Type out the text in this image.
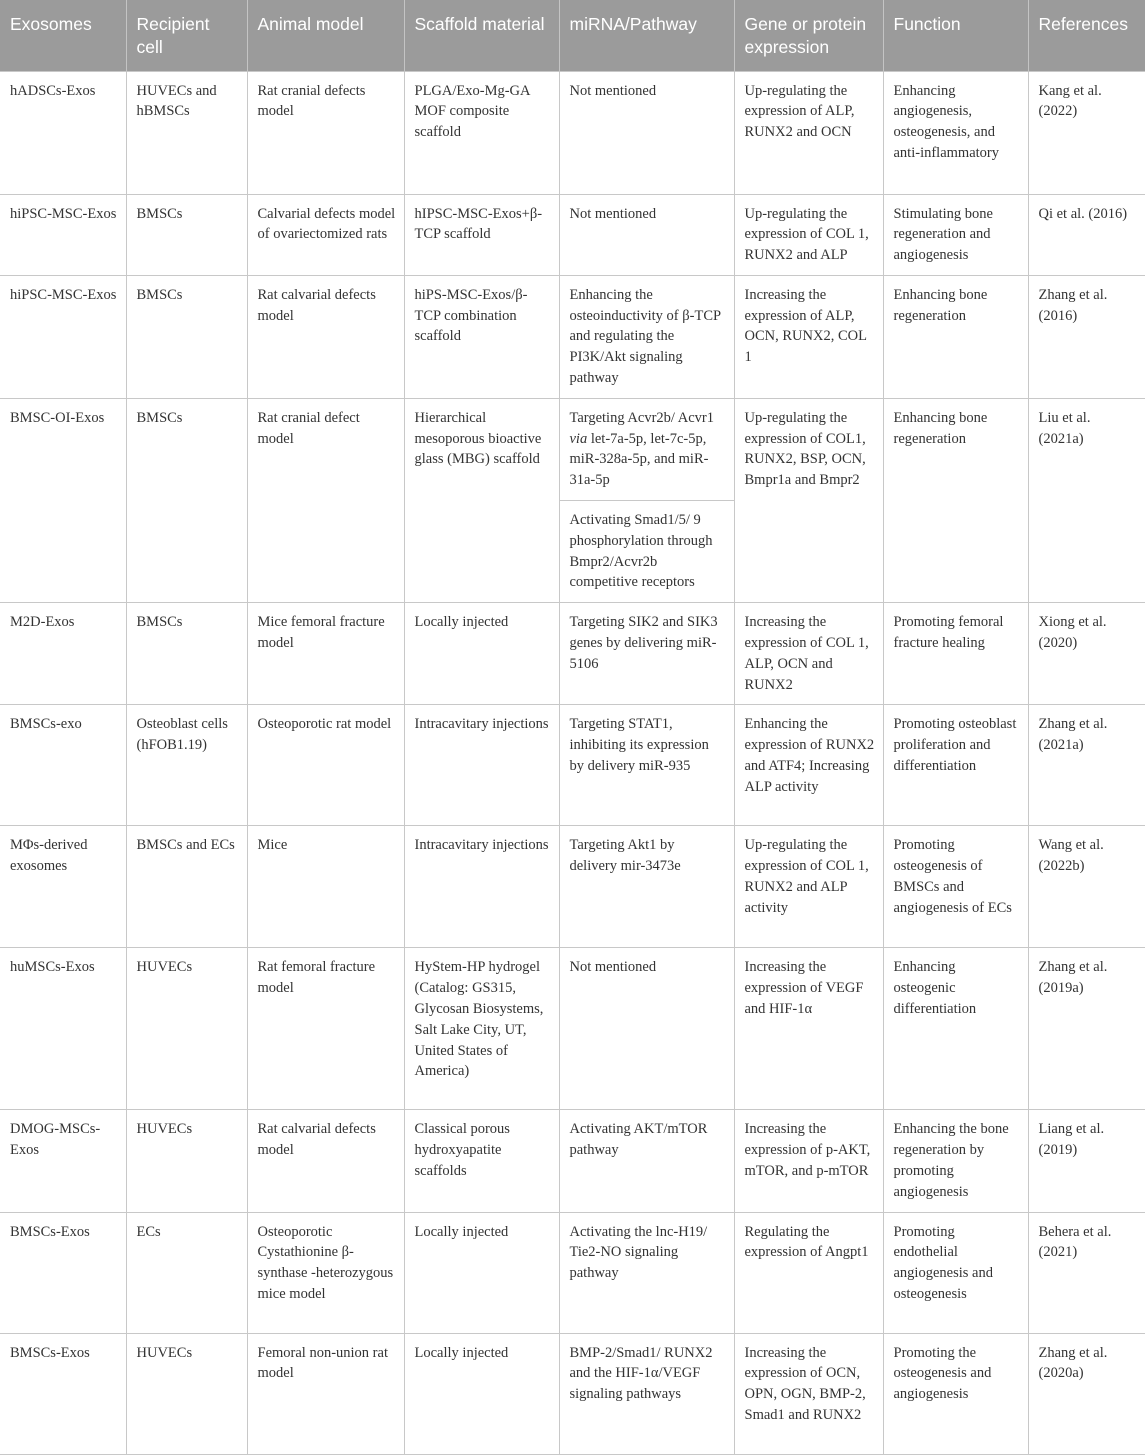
Exosomes	Recipient cell	Animal model	Scaffold material	miRNA/Pathway	Gene or protein expression	Function	References
hADSCs-Exos	HUVECs and hBMSCs	Rat cranial defects model	PLGA/Exo-Mg-GA MOF composite scaffold	Not mentioned	Up-regulating the expression of ALP, RUNX2 and OCN	Enhancing angiogenesis, osteogenesis, and anti-inflammatory	Kang et al. (2022)
hiPSC-MSC-Exos	BMSCs	Calvarial defects model of ovariectomized rats	hIPSC-MSC-Exos+β-TCP scaffold	Not mentioned	Up-regulating the expression of COL 1, RUNX2 and ALP	Stimulating bone regeneration and angiogenesis	Qi et al. (2016)
hiPSC-MSC-Exos	BMSCs	Rat calvarial defects model	hiPS-MSC-Exos/β-TCP combination scaffold	Enhancing the osteoinductivity of β-TCP and regulating the PI3K/Akt signaling pathway	Increasing the expression of ALP, OCN, RUNX2, COL 1	Enhancing bone regeneration	Zhang et al. (2016)
BMSC-OI-Exos	BMSCs	Rat cranial defect model	Hierarchical mesoporous bioactive glass (MBG) scaffold	Targeting Acvr2b/ Acvr1 via let-7a-5p, let-7c-5p, miR-328a-5p, and miR-31a-5p	Up-regulating the expression of COL1, RUNX2, BSP, OCN, Bmpr1a and Bmpr2	Enhancing bone regeneration	Liu et al. (2021a)
				Activating Smad1/5/ 9 phosphorylation through Bmpr2/Acvr2b competitive receptors			
M2D-Exos	BMSCs	Mice femoral fracture model	Locally injected	Targeting SIK2 and SIK3 genes by delivering miR-5106	Increasing the expression of COL 1, ALP, OCN and RUNX2	Promoting femoral fracture healing	Xiong et al. (2020)
BMSCs-exo	Osteoblast cells (hFOB1.19)	Osteoporotic rat model	Intracavitary injections	Targeting STAT1, inhibiting its expression by delivery miR-935	Enhancing the expression of RUNX2 and ATF4; Increasing ALP activity	Promoting osteoblast proliferation and differentiation	Zhang et al. (2021a)
MΦs-derived exosomes	BMSCs and ECs	Mice	Intracavitary injections	Targeting Akt1 by delivery mir-3473e	Up-regulating the expression of COL 1, RUNX2 and ALP activity	Promoting osteogenesis of BMSCs and angiogenesis of ECs	Wang et al. (2022b)
huMSCs-Exos	HUVECs	Rat femoral fracture model	HyStem-HP hydrogel (Catalog: GS315, Glycosan Biosystems, Salt Lake City, UT, United States of America)	Not mentioned	Increasing the expression of VEGF and HIF-1α	Enhancing osteogenic differentiation	Zhang et al. (2019a)
DMOG-MSCs-Exos	HUVECs	Rat calvarial defects model	Classical porous hydroxyapatite scaffolds	Activating AKT/mTOR pathway	Increasing the expression of p-AKT, mTOR, and p-mTOR	Enhancing the bone regeneration by promoting angiogenesis	Liang et al. (2019)
BMSCs-Exos	ECs	Osteoporotic Cystathionine β-synthase -heterozygous mice model	Locally injected	Activating the lnc-H19/ Tie2-NO signaling pathway	Regulating the expression of Angpt1	Promoting endothelial angiogenesis and osteogenesis	Behera et al. (2021)
BMSCs-Exos	HUVECs	Femoral non-union rat model	Locally injected	BMP-2/Smad1/ RUNX2 and the HIF-1α/VEGF signaling pathways	Increasing the expression of OCN, OPN, OGN, BMP-2, Smad1 and RUNX2	Promoting the osteogenesis and angiogenesis	Zhang et al. (2020a)
